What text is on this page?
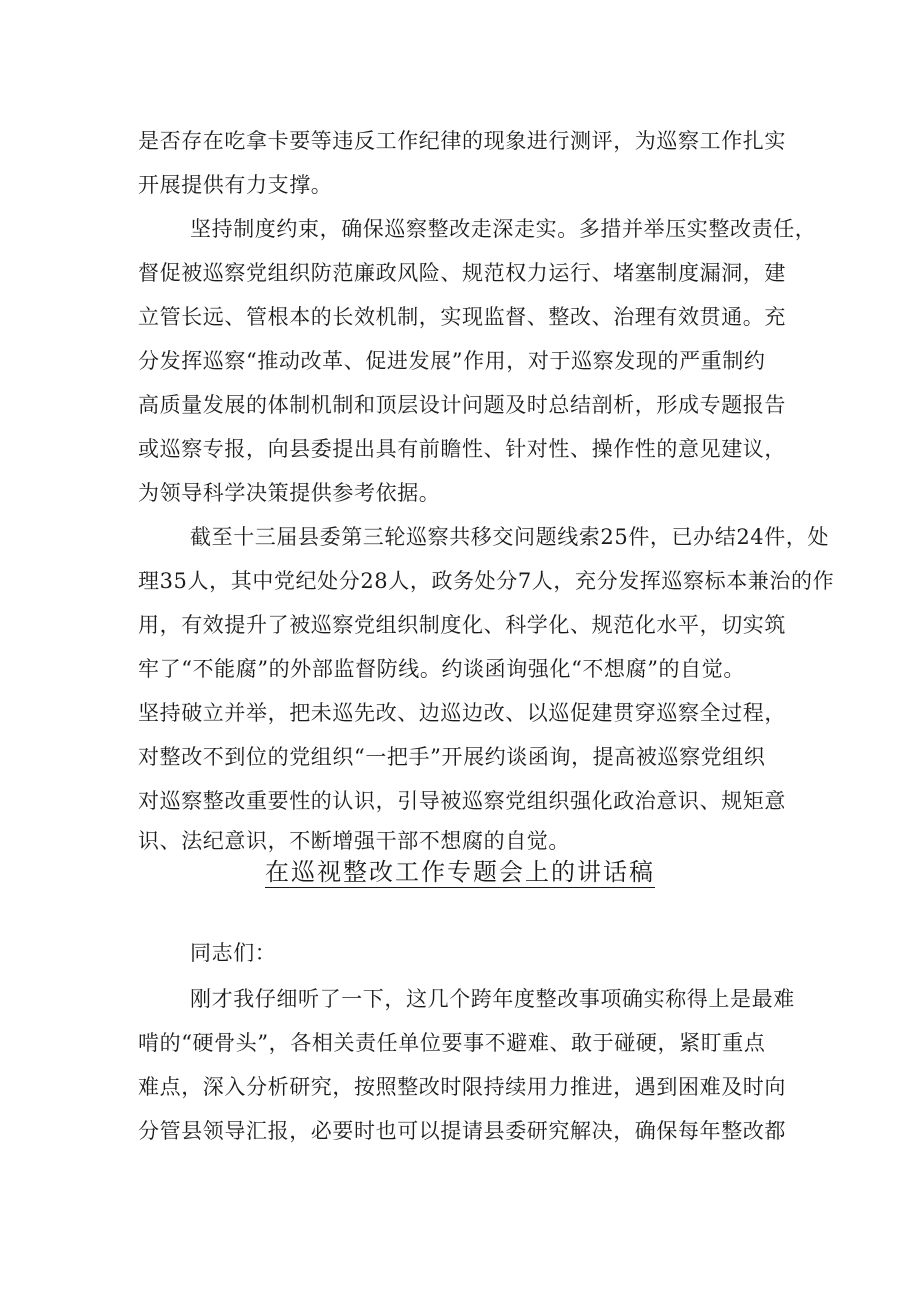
是否存在吃拿卡要等违反工作纪律的现象进行测评，为巡察工作扎实
开展提供有力支撑。
坚持制度约束，确保巡察整改走深走实。多措并举压实整改责任，
督促被巡察党组织防范廉政风险、规范权力运行、堵塞制度漏洞，建
立管长远、管根本的长效机制，实现监督、整改、治理有效贯通。充
分发挥巡察“推动改革、促进发展”作用，对于巡察发现的严重制约
高质量发展的体制机制和顶层设计问题及时总结剖析，形成专题报告
或巡察专报，向县委提出具有前瞻性、针对性、操作性的意见建议，
为领导科学决策提供参考依据。
截至十三届县委第三轮巡察共移交问题线索25件，已办结24件，处
理35人，其中党纪处分28人，政务处分7人，充分发挥巡察标本兼治的作
用，有效提升了被巡察党组织制度化、科学化、规范化水平，切实筑
牢了“不能腐”的外部监督防线。约谈函询强化“不想腐”的自觉。
坚持破立并举，把未巡先改、边巡边改、以巡促建贯穿巡察全过程，
对整改不到位的党组织“一把手”开展约谈函询，提高被巡察党组织
对巡察整改重要性的认识，引导被巡察党组织强化政治意识、规矩意
识、法纪意识，不断增强干部不想腐的自觉。
在巡视整改工作专题会上的讲话稿
同志们：
刚才我仔细听了一下，这几个跨年度整改事项确实称得上是最难
啃的“硬骨头”，各相关责任单位要事不避难、敢于碰硬，紧盯重点
难点，深入分析研究，按照整改时限持续用力推进，遇到困难及时向
分管县领导汇报，必要时也可以提请县委研究解决，确保每年整改都
